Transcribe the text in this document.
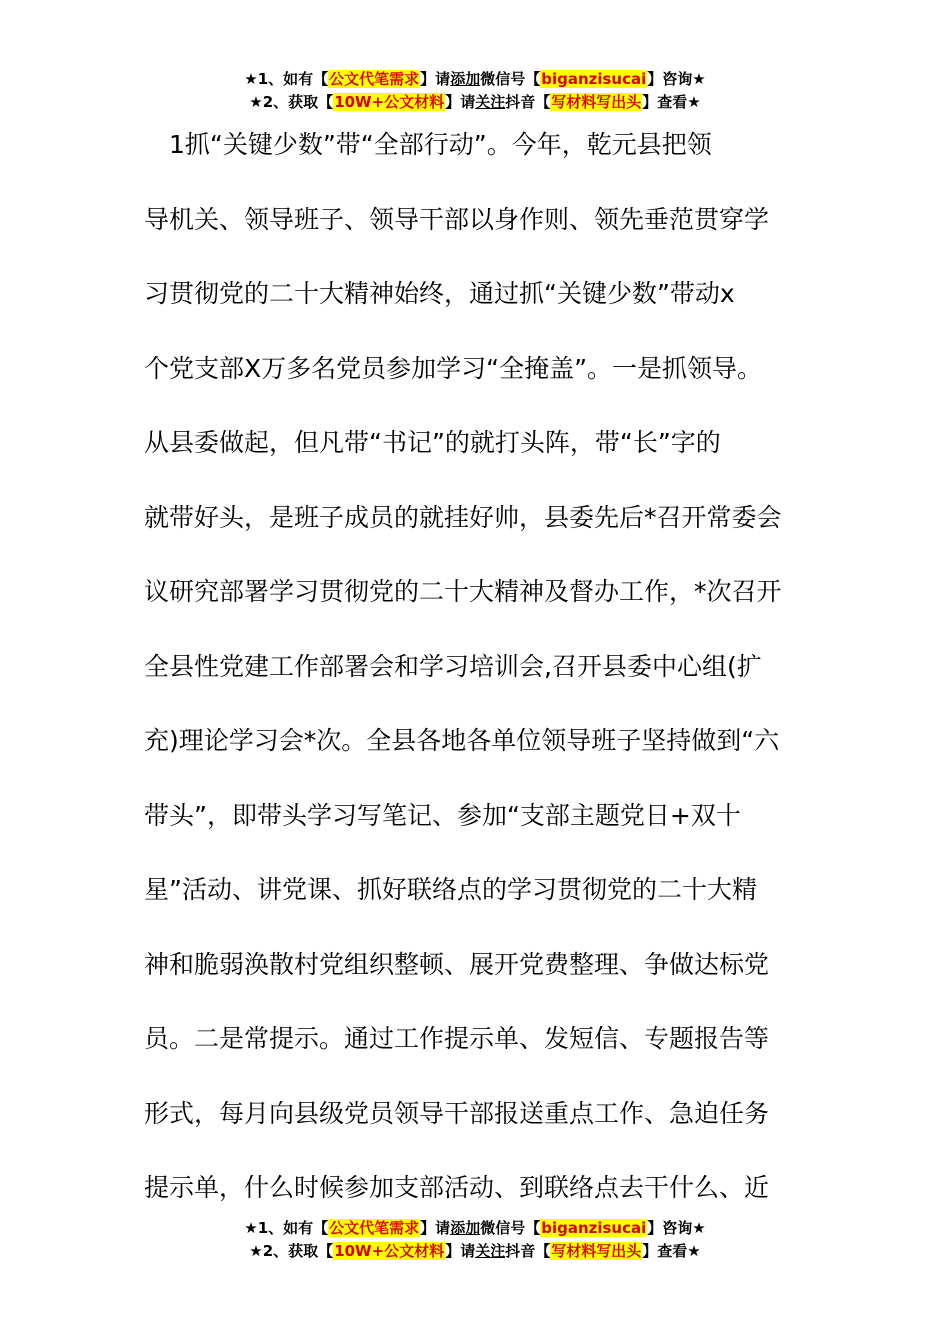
★1、如有【公文代笔需求】请添加微信号【biganzisucai】咨询★
★2、获取【10W+公文材料】请关注抖音【写材料写出头】查看★
　1抓“关键少数”带“全部行动”。今年，乾元县把领
导机关、领导班子、领导干部以身作则、领先垂范贯穿学
习贯彻党的二十大精神始终，通过抓“关键少数”带动x
个党支部X万多名党员参加学习“全掩盖”。一是抓领导。
从县委做起，但凡带“书记”的就打头阵，带“长”字的
就带好头，是班子成员的就挂好帅，县委先后*召开常委会
议研究部署学习贯彻党的二十大精神及督办工作，*次召开
全县性党建工作部署会和学习培训会,召开县委中心组(扩
充)理论学习会*次。全县各地各单位领导班子坚持做到“六
带头”，即带头学习写笔记、参加“支部主题党日+双十
星”活动、讲党课、抓好联络点的学习贯彻党的二十大精
神和脆弱涣散村党组织整顿、展开党费整理、争做达标党
员。二是常提示。通过工作提示单、发短信、专题报告等
形式，每月向县级党员领导干部报送重点工作、急迫任务
提示单，什么时候参加支部活动、到联络点去干什么、近
★1、如有【公文代笔需求】请添加微信号【biganzisucai】咨询★
★2、获取【10W+公文材料】请关注抖音【写材料写出头】查看★
